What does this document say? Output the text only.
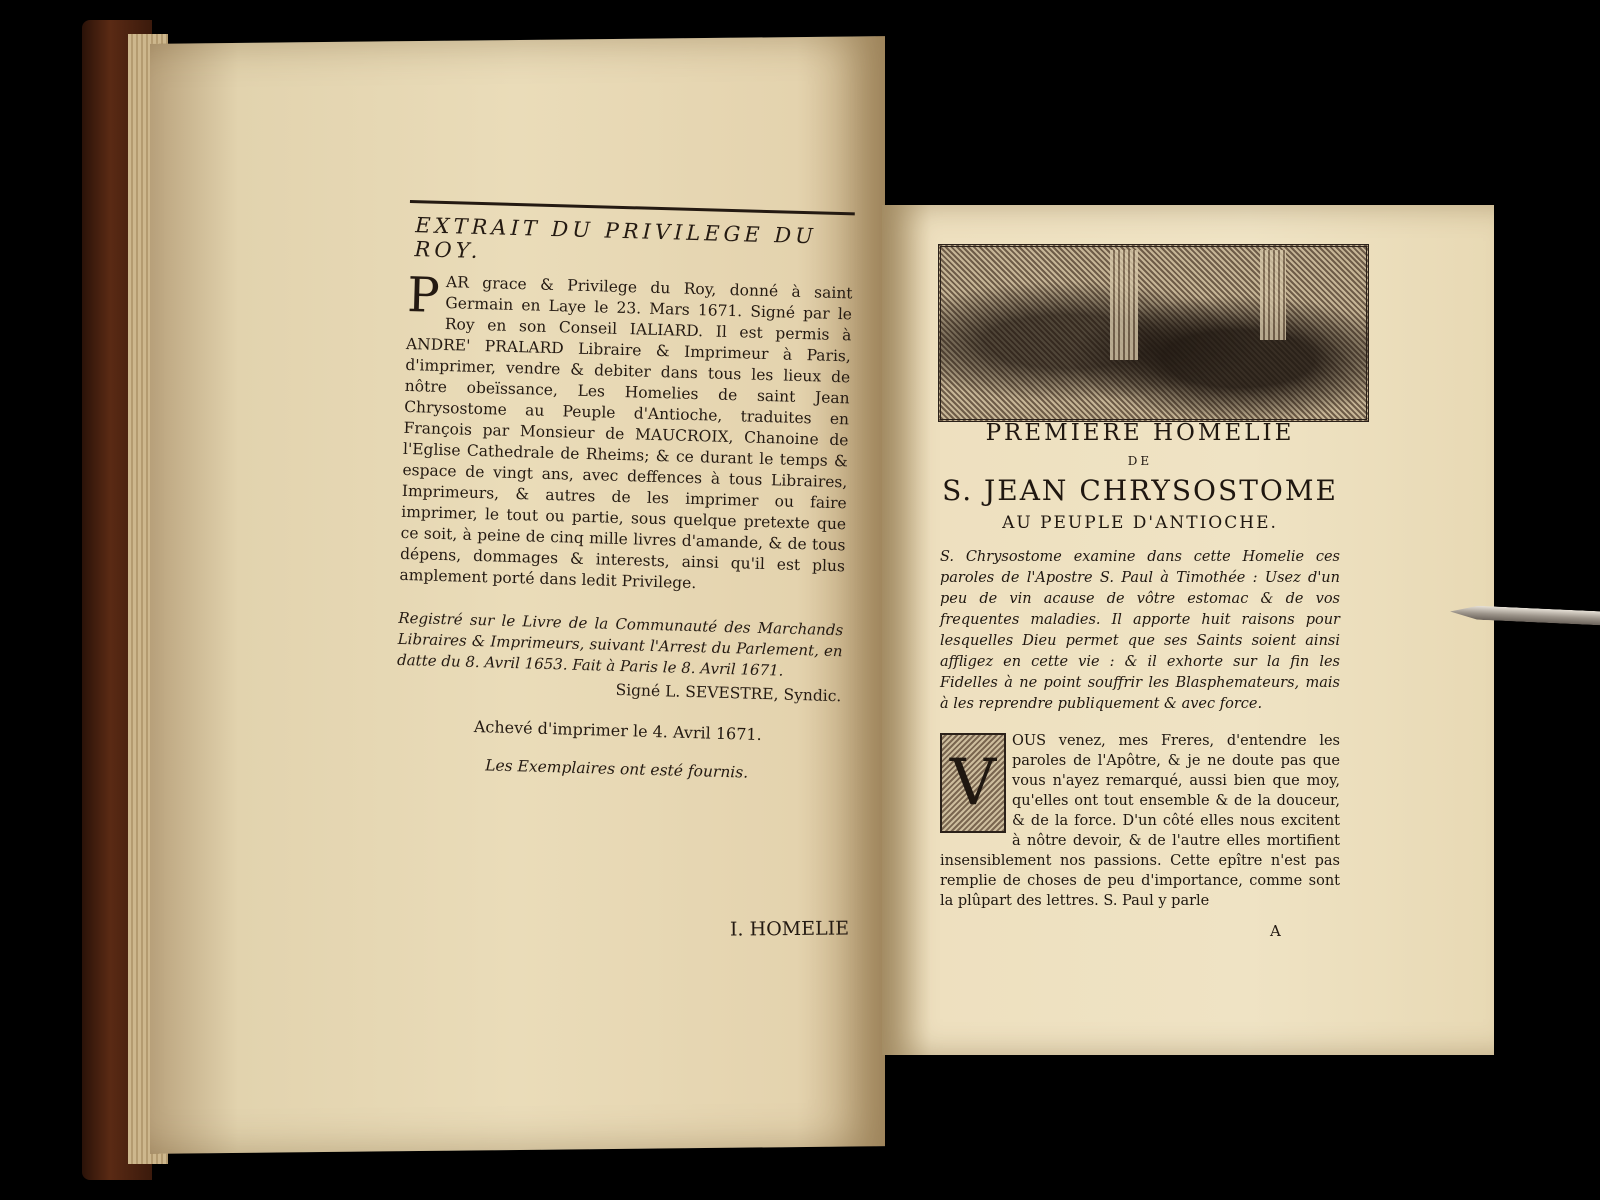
EXTRAIT DU PRIVILEGE DU ROY.

PAR grace & Privilege du Roy, donné à saint Germain en Laye le 23. Mars 1671. Signé par le Roy en son Conseil IALIARD. Il est permis à ANDRE' PRALARD Libraire & Imprimeur à Paris, d'imprimer, vendre & debiter dans tous les lieux de nôtre obeïssance, Les Homelies de saint Jean Chrysostome au Peuple d'Antioche, traduites en François par Monsieur de MAUCROIX, Chanoine de l'Eglise Cathedrale de Rheims; & ce durant le temps & espace de vingt ans, avec deffences à tous Libraires, Imprimeurs, & autres de les imprimer ou faire imprimer, le tout ou partie, sous quelque pretexte que ce soit, à peine de cinq mille livres d'amande, & de tous dépens, dommages & interests, ainsi qu'il est plus amplement porté dans ledit Privilege.

Registré sur le Livre de la Communauté des Marchands Libraires & Imprimeurs, suivant l'Arrest du Parlement, en datte du 8. Avril 1653. Fait à Paris le 8. Avril 1671.

Signé L. SEVESTRE, Syndic.
Achevé d'imprimer le 4. Avril 1671.
Les Exemplaires ont esté fournis.
I. HOMELIE
PREMIERE HOMELIE
DE
S. JEAN CHRYSOSTOME
AU PEUPLE D'ANTIOCHE.

S. Chrysostome examine dans cette Homelie ces paroles de l'Apostre S. Paul à Timothée : Usez d'un peu de vin acause de vôtre estomac & de vos frequentes maladies. Il apporte huit raisons pour lesquelles Dieu permet que ses Saints soient ainsi affligez en cette vie : & il exhorte sur la fin les Fidelles à ne point souffrir les Blasphemateurs, mais à les reprendre publiquement & avec force.

V

OUS venez, mes Freres, d'entendre les paroles de l'Apôtre, & je ne doute pas que vous n'ayez remarqué, aussi bien que moy, qu'elles ont tout ensemble & de la douceur, & de la force. D'un côté elles nous excitent à nôtre devoir, & de l'autre elles mortifient insensiblement nos passions. Cette epître n'est pas remplie de choses de peu d'importance, comme sont la plûpart des lettres. S. Paul y parle

A
